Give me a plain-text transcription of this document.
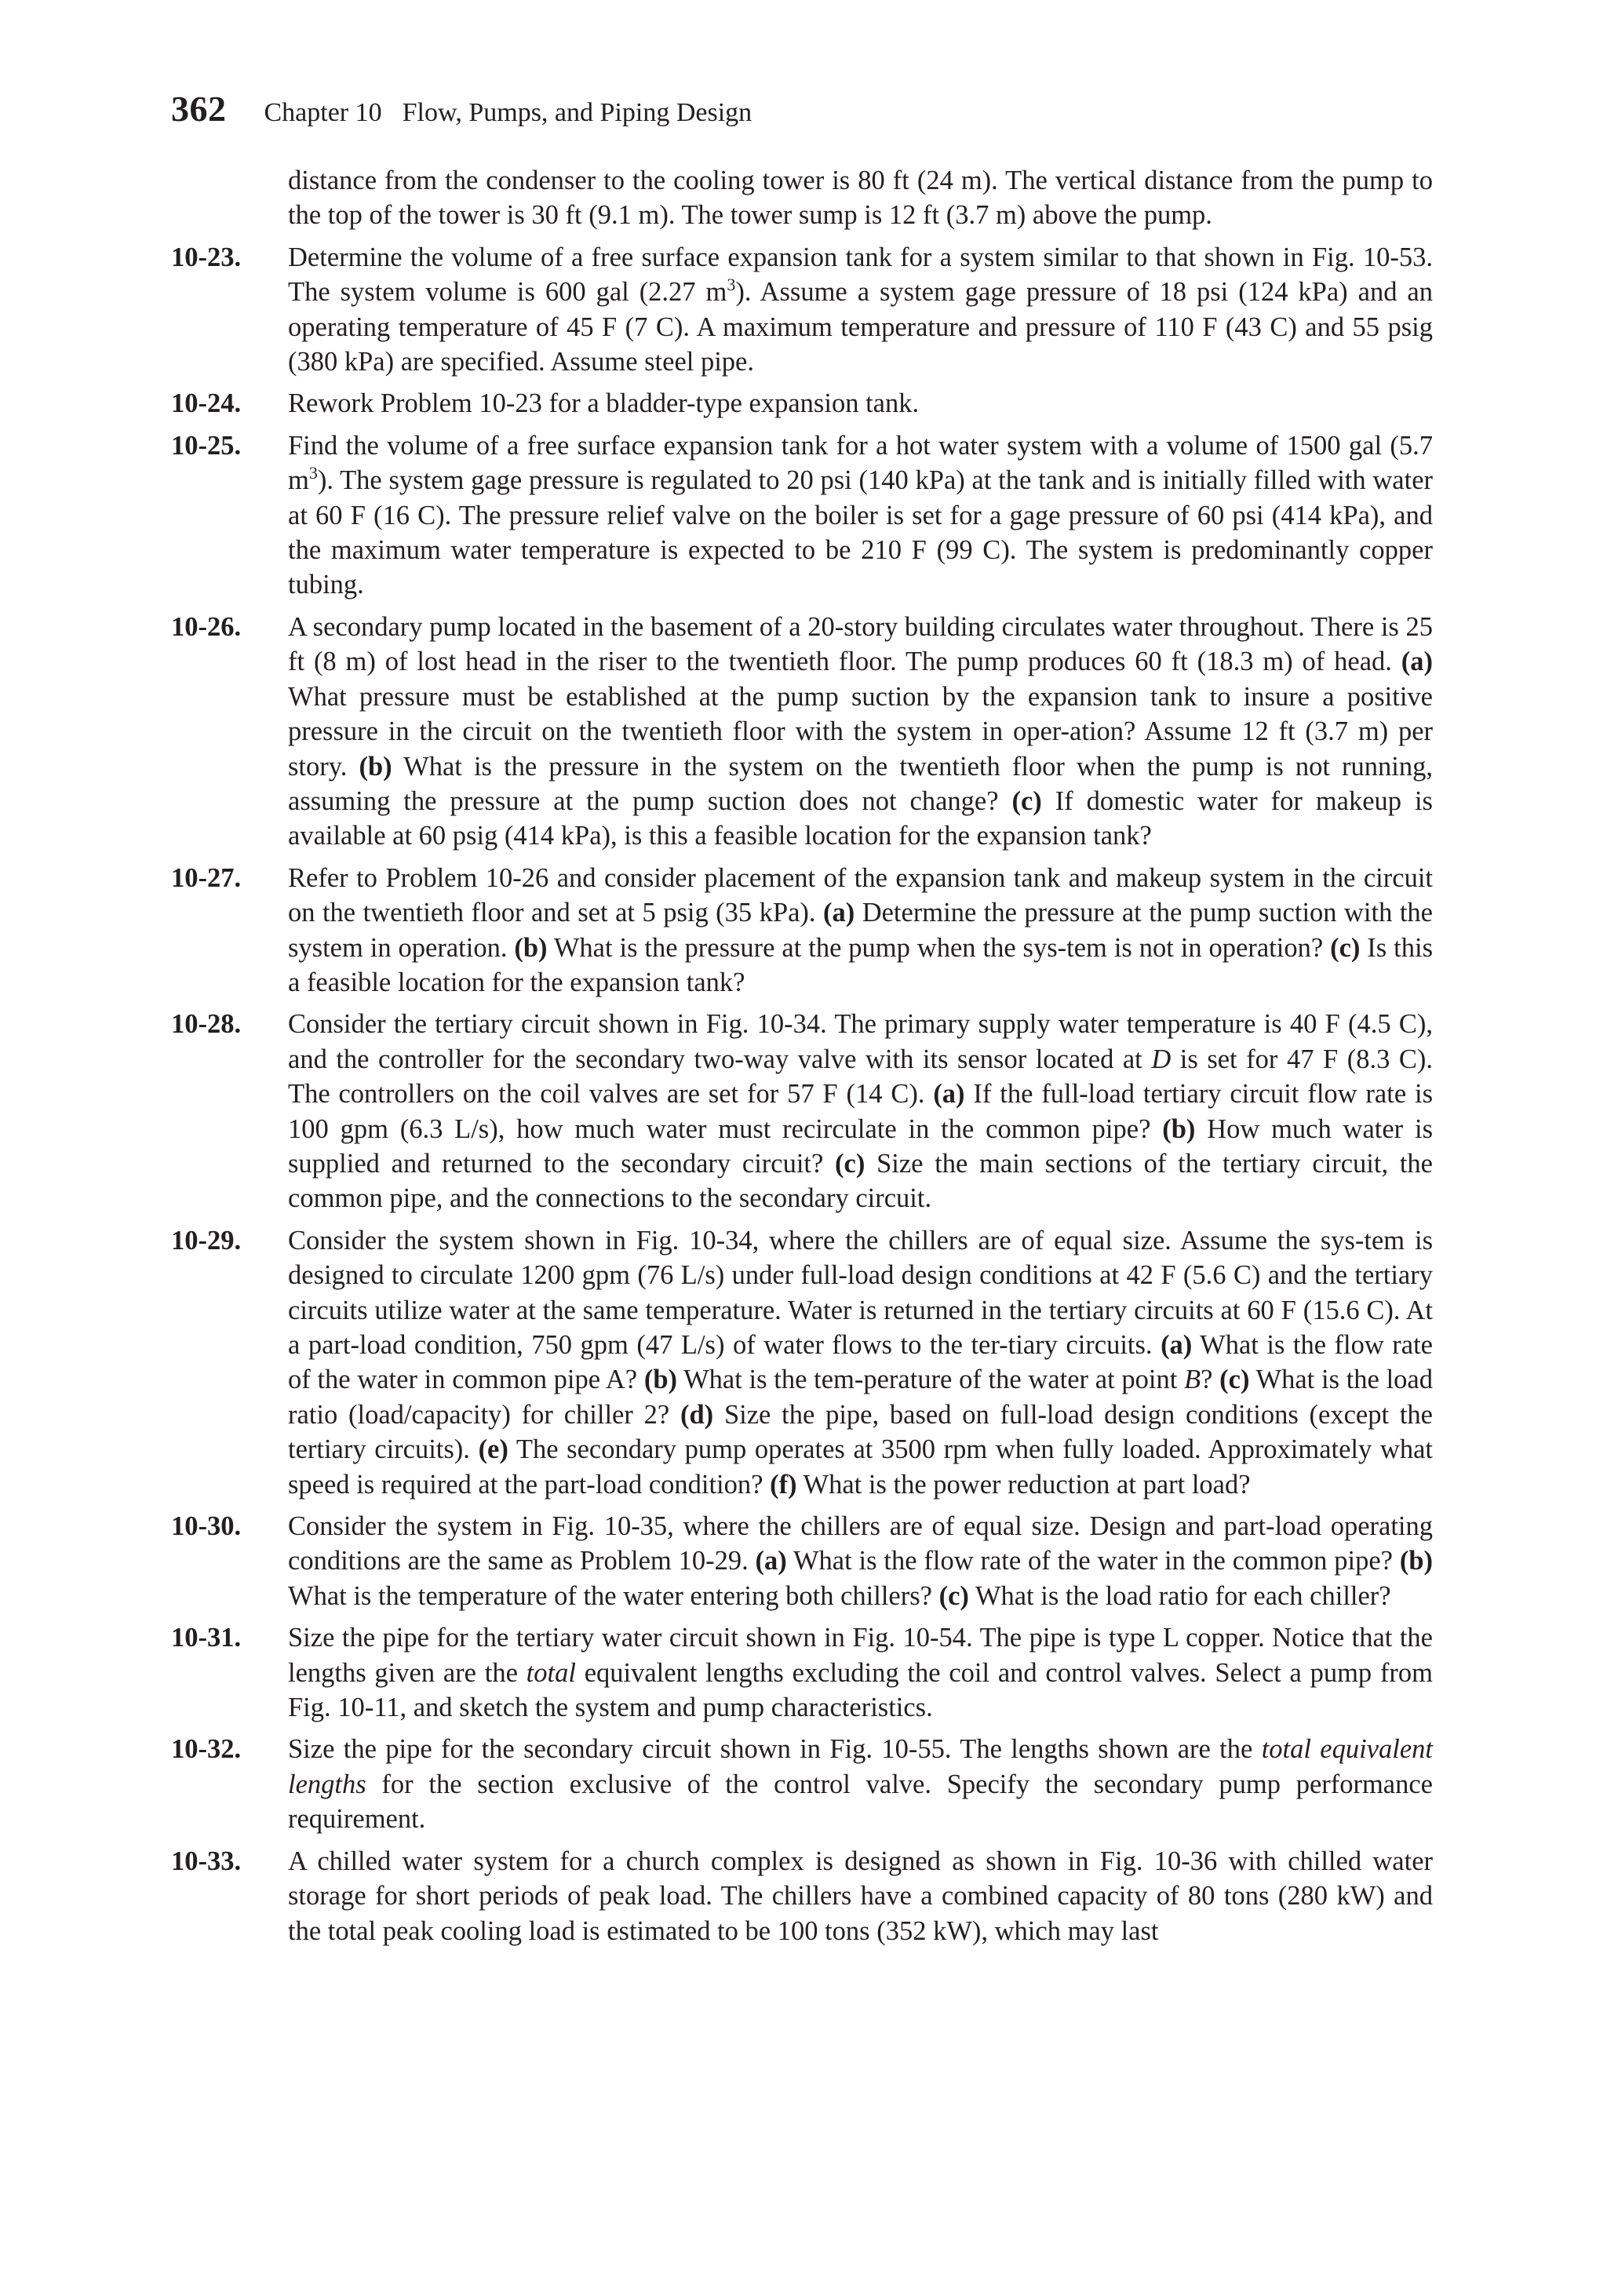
362 Chapter 10 Flow, Pumps, and Piping Design
distance from the condenser to the cooling tower is 80 ft (24 m). The vertical distance from the pump to the top of the tower is 30 ft (9.1 m). The tower sump is 12 ft (3.7 m) above the pump.
10-23.	Determine the volume of a free surface expansion tank for a system similar to that shown in Fig. 10-53. The system volume is 600 gal (2.27 $m^3$). Assume a system gage pressure of 18 psi (124 kPa) and an operating temperature of 45 F (7 C). A maximum temperature and pressure of 110 F (43 C) and 55 psig (380 kPa) are specified. Assume steel pipe.
10-24.	Rework Problem 10-23 for a bladder-type expansion tank.
10-25.	Find the volume of a free surface expansion tank for a hot water system with a volume of 1500 gal (5.7 $m^3$). The system gage pressure is regulated to 20 psi (140 kPa) at the tank and is initially filled with water at 60 F (16 C). The pressure relief valve on the boiler is set for a gage pressure of 60 psi (414 kPa), and the maximum water temperature is expected to be 210 F (99 C). The system is predominantly copper tubing.
10-26.	A secondary pump located in the basement of a 20-story building circulates water throughout. There is 25 ft (8 m) of lost head in the riser to the twentieth floor. The pump produces 60 ft (18.3 m) of head. (a) What pressure must be established at the pump suction by the expansion tank to insure a positive pressure in the circuit on the twentieth floor with the system in oper-ation? Assume 12 ft (3.7 m) per story. (b) What is the pressure in the system on the twentieth floor when the pump is not running, assuming the pressure at the pump suction does not change? (c) If domestic water for makeup is available at 60 psig (414 kPa), is this a feasible location for the expansion tank?
10-27.	Refer to Problem 10-26 and consider placement of the expansion tank and makeup system in the circuit on the twentieth floor and set at 5 psig (35 kPa). (a) Determine the pressure at the pump suction with the system in operation. (b) What is the pressure at the pump when the sys-tem is not in operation? (c) Is this a feasible location for the expansion tank?
10-28.	Consider the tertiary circuit shown in Fig. 10-34. The primary supply water temperature is 40 F (4.5 C), and the controller for the secondary two-way valve with its sensor located at D is set for 47 F (8.3 C). The controllers on the coil valves are set for 57 F (14 C). (a) If the full-load tertiary circuit flow rate is 100 gpm (6.3 L/s), how much water must recirculate in the common pipe? (b) How much water is supplied and returned to the secondary circuit? (c) Size the main sections of the tertiary circuit, the common pipe, and the connections to the secondary circuit.
10-29.	Consider the system shown in Fig. 10-34, where the chillers are of equal size. Assume the sys-tem is designed to circulate 1200 gpm (76 L/s) under full-load design conditions at 42 F (5.6 C) and the tertiary circuits utilize water at the same temperature. Water is returned in the tertiary circuits at 60 F (15.6 C). At a part-load condition, 750 gpm (47 L/s) of water flows to the ter-tiary circuits. (a) What is the flow rate of the water in common pipe A? (b) What is the tem-perature of the water at point B? (c) What is the load ratio (load/capacity) for chiller 2? (d) Size the pipe, based on full-load design conditions (except the tertiary circuits). (e) The secondary pump operates at 3500 rpm when fully loaded. Approximately what speed is required at the part-load condition? (f) What is the power reduction at part load?
10-30.	Consider the system in Fig. 10-35, where the chillers are of equal size. Design and part-load operating conditions are the same as Problem 10-29. (a) What is the flow rate of the water in the common pipe? (b) What is the temperature of the water entering both chillers? (c) What is the load ratio for each chiller?
10-31.	Size the pipe for the tertiary water circuit shown in Fig. 10-54. The pipe is type L copper. Notice that the lengths given are the total equivalent lengths excluding the coil and control valves. Select a pump from Fig. 10-11, and sketch the system and pump characteristics.
10-32.	Size the pipe for the secondary circuit shown in Fig. 10-55. The lengths shown are the total equivalent lengths for the section exclusive of the control valve. Specify the secondary pump performance requirement.
10-33.	A chilled water system for a church complex is designed as shown in Fig. 10-36 with chilled water storage for short periods of peak load. The chillers have a combined capacity of 80 tons (280 kW) and the total peak cooling load is estimated to be 100 tons (352 kW), which may last
